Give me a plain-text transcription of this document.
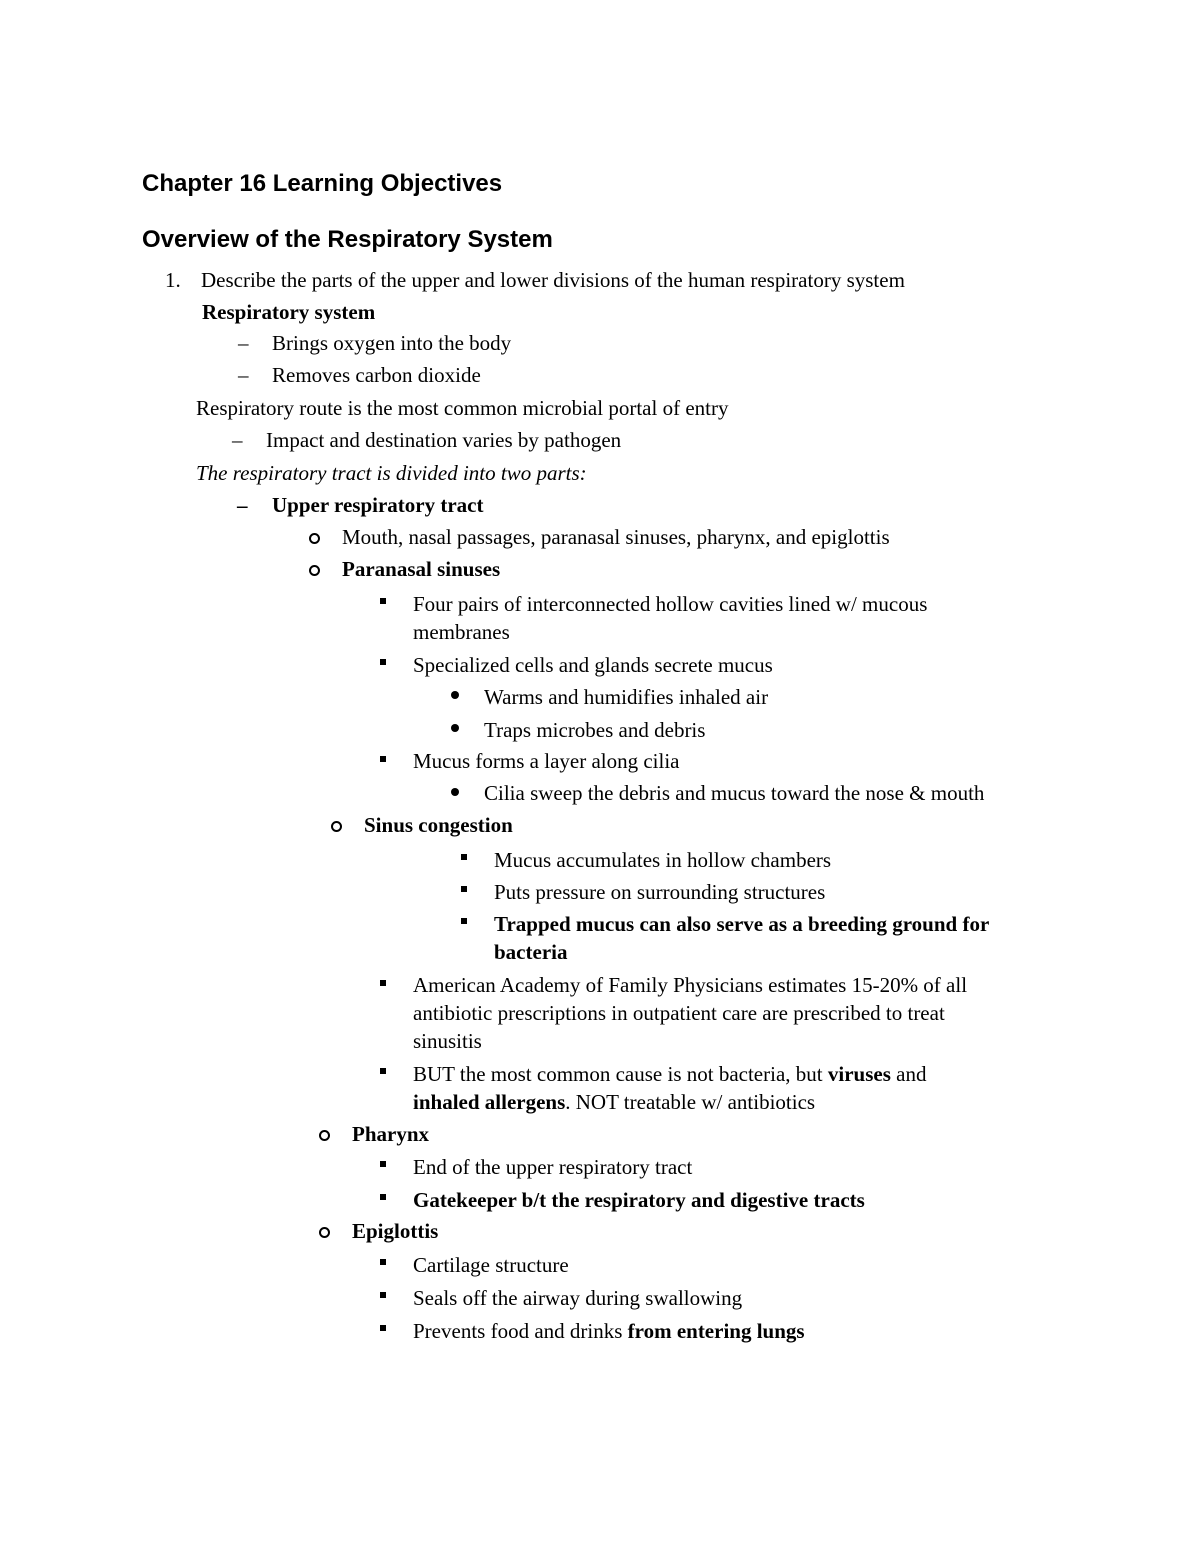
Chapter 16 Learning Objectives
Overview of the Respiratory System
1. Describe the parts of the upper and lower divisions of the human respiratory system
Respiratory system
– Brings oxygen into the body
– Removes carbon dioxide
Respiratory route is the most common microbial portal of entry
– Impact and destination varies by pathogen
The respiratory tract is divided into two parts:
– Upper respiratory tract
Mouth, nasal passages, paranasal sinuses, pharynx, and epiglottis
Paranasal sinuses
Four pairs of interconnected hollow cavities lined w/ mucous
membranes
Specialized cells and glands secrete mucus
Warms and humidifies inhaled air
Traps microbes and debris
Mucus forms a layer along cilia
Cilia sweep the debris and mucus toward the nose & mouth
Sinus congestion
Mucus accumulates in hollow chambers
Puts pressure on surrounding structures
Trapped mucus can also serve as a breeding ground for
bacteria
American Academy of Family Physicians estimates 15-20% of all
antibiotic prescriptions in outpatient care are prescribed to treat
sinusitis
BUT the most common cause is not bacteria, but viruses and
inhaled allergens. NOT treatable w/ antibiotics
Pharynx
End of the upper respiratory tract
Gatekeeper b/t the respiratory and digestive tracts
Epiglottis
Cartilage structure
Seals off the airway during swallowing
Prevents food and drinks from entering lungs
